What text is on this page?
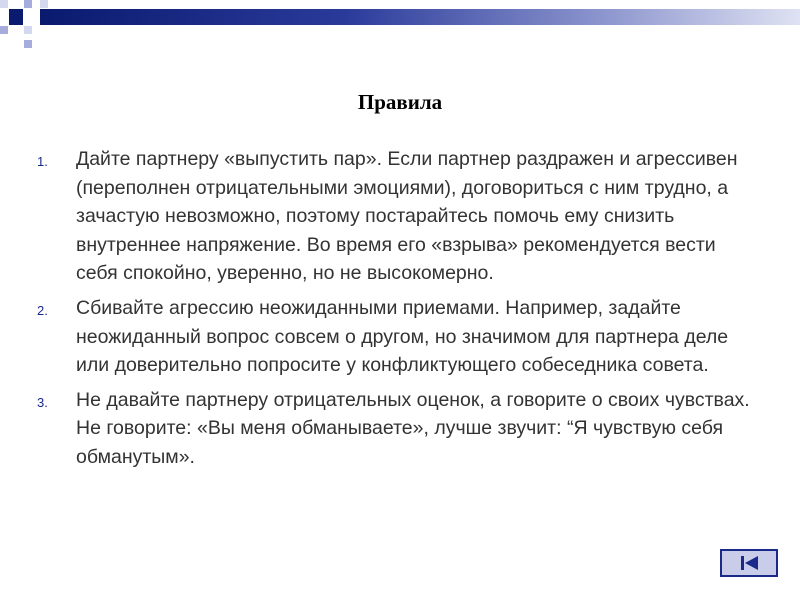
Правила
1. Дайте партнеру «выпустить пар». Если партнер раздражен и агрессивен (переполнен отрицательными эмоциями), договориться с ним трудно, а зачастую невозможно, поэтому постарайтесь помочь ему снизить внутреннее напряжение. Во время его «взрыва» рекомендуется вести себя спокойно, уверенно, но не высокомерно.
2. Сбивайте агрессию неожиданными приемами. Например, задайте неожиданный вопрос совсем о другом, но значимом для партнера деле или доверительно попросите у конфликтующего собеседника совета.
3. Не давайте партнеру отрицательных оценок, а говорите о своих чувствах. Не говорите: «Вы меня обманываете», лучше звучит: “Я чувствую себя обманутым».
